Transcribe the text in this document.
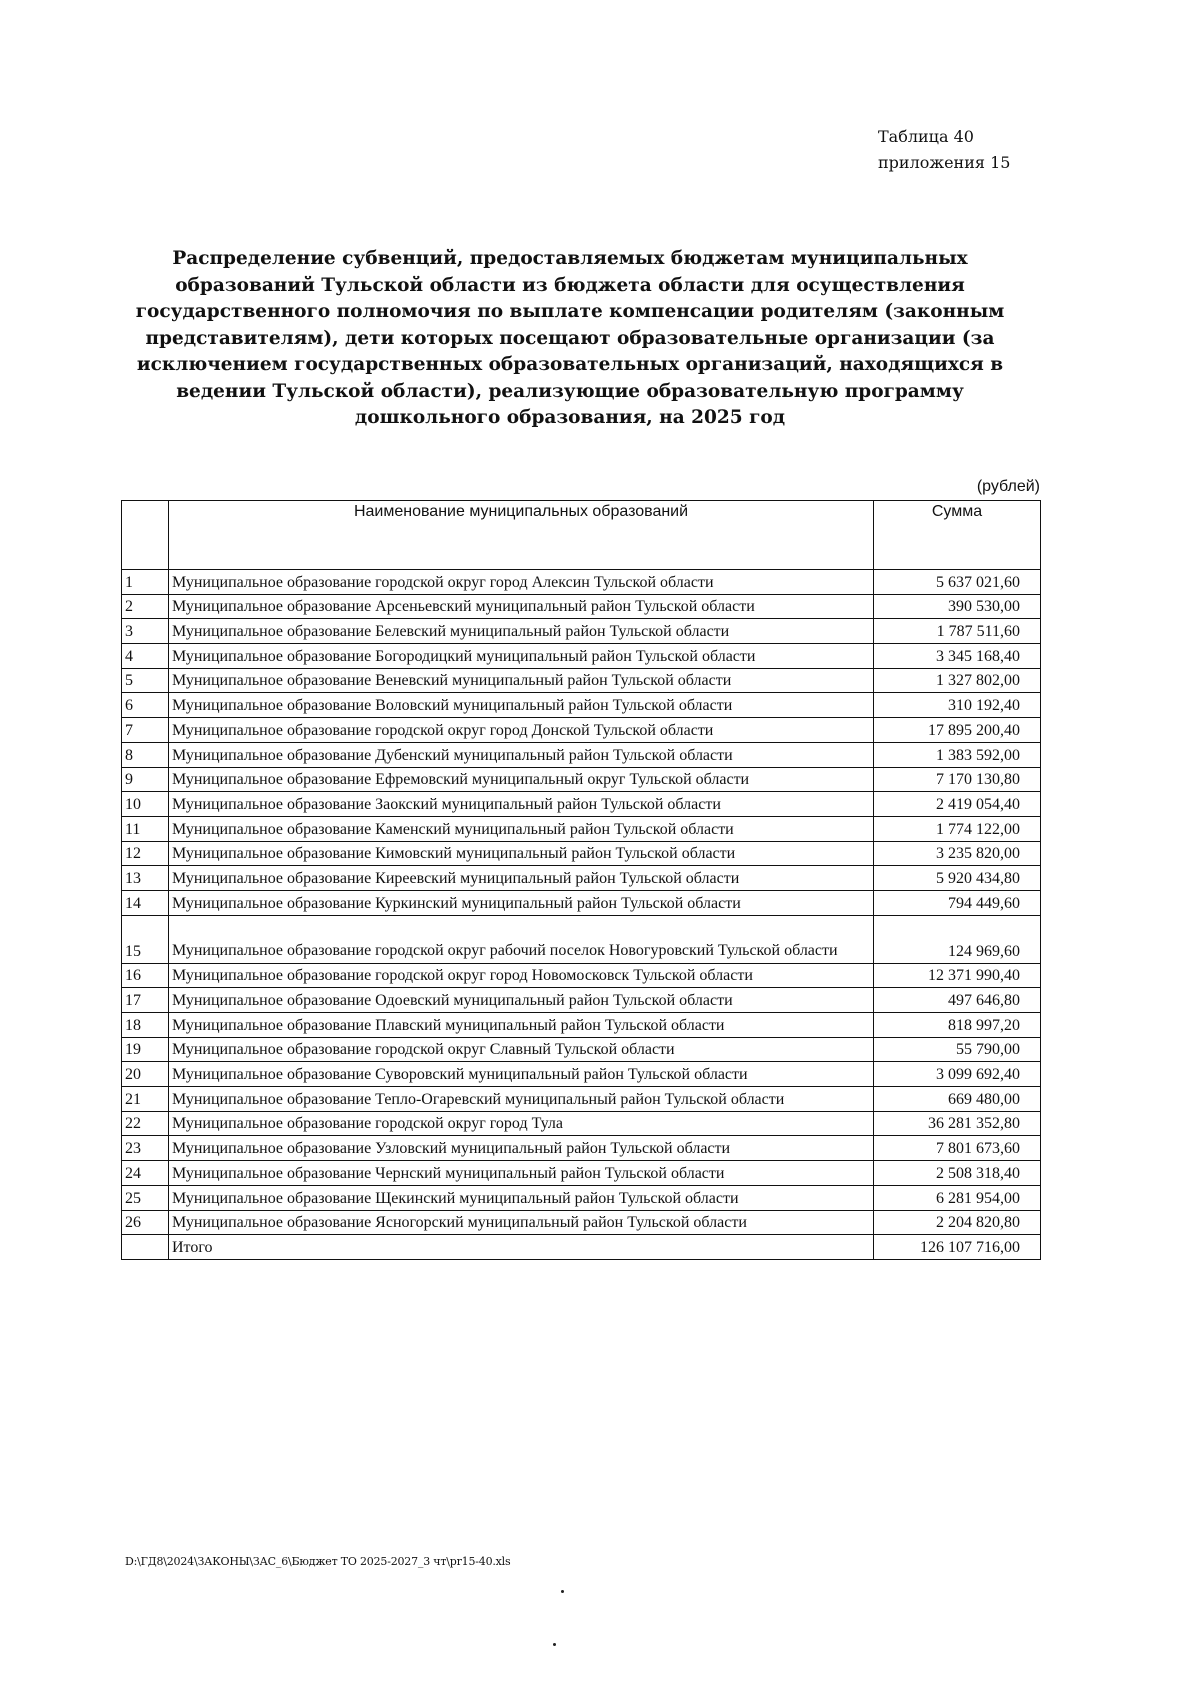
Таблица 40
приложения 15
Распределение субвенций, предоставляемых бюджетам муниципальных образований Тульской области из бюджета области для осуществления государственного полномочия по выплате компенсации родителям (законным представителям), дети которых посещают образовательные организации (за исключением государственных образовательных организаций, находящихся в ведении Тульской области), реализующие образовательную программу дошкольного образования, на 2025 год
(рублей)
	Наименование муниципальных образований	Сумма
1	Муниципальное образование городской округ город Алексин Тульской области	5 637 021,60
2	Муниципальное образование Арсеньевский муниципальный район Тульской области	390 530,00
3	Муниципальное образование Белевский муниципальный район Тульской области	1 787 511,60
4	Муниципальное образование Богородицкий муниципальный район Тульской области	3 345 168,40
5	Муниципальное образование Веневский муниципальный район Тульской области	1 327 802,00
6	Муниципальное образование Воловский муниципальный район Тульской области	310 192,40
7	Муниципальное образование городской округ город Донской Тульской области	17 895 200,40
8	Муниципальное образование Дубенский муниципальный район Тульской области	1 383 592,00
9	Муниципальное образование Ефремовский муниципальный округ Тульской области	7 170 130,80
10	Муниципальное образование Заокский муниципальный район Тульской области	2 419 054,40
11	Муниципальное образование Каменский муниципальный район Тульской области	1 774 122,00
12	Муниципальное образование Кимовский муниципальный район Тульской области	3 235 820,00
13	Муниципальное образование Киреевский муниципальный район Тульской области	5 920 434,80
14	Муниципальное образование Куркинский муниципальный район Тульской области	794 449,60
15	Муниципальное образование городской округ рабочий поселок Новогуровский Тульской области	124 969,60
16	Муниципальное образование городской округ город Новомосковск Тульской области	12 371 990,40
17	Муниципальное образование Одоевский муниципальный район Тульской области	497 646,80
18	Муниципальное образование Плавский муниципальный район Тульской области	818 997,20
19	Муниципальное образование городской округ Славный Тульской области	55 790,00
20	Муниципальное образование Суворовский муниципальный район Тульской области	3 099 692,40
21	Муниципальное образование Тепло-Огаревский муниципальный район Тульской области	669 480,00
22	Муниципальное образование городской округ город Тула	36 281 352,80
23	Муниципальное образование Узловский муниципальный район Тульской области	7 801 673,60
24	Муниципальное образование Чернский муниципальный район Тульской области	2 508 318,40
25	Муниципальное образование Щекинский муниципальный район Тульской области	6 281 954,00
26	Муниципальное образование Ясногорский муниципальный район Тульской области	2 204 820,80
	Итого	126 107 716,00
D:\ГД8\2024\ЗАКОНЫ\ЗАС_6\Бюджет ТО 2025-2027_3 чт\pr15-40.xls
